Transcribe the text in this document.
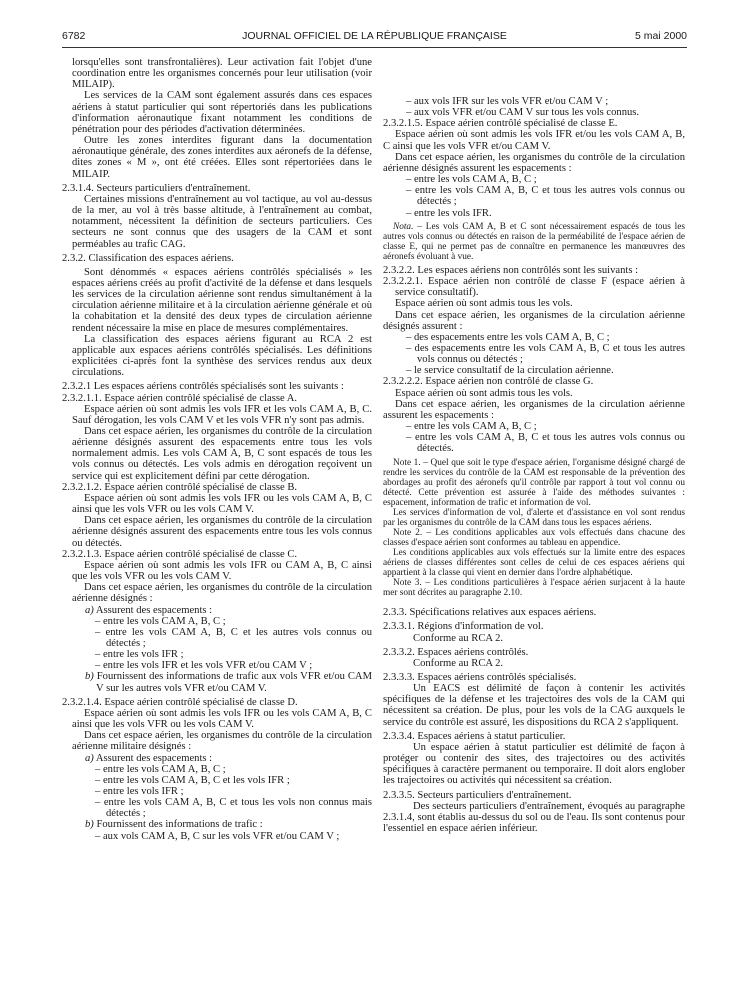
6782	JOURNAL OFFICIEL DE LA RÉPUBLIQUE FRANÇAISE	5 mai 2000
lorsqu'elles sont transfrontalières). Leur activation fait l'objet d'une coordination entre les organismes concernés pour leur utilisation (voir MILAIP).
Les services de la CAM sont également assurés dans ces espaces aériens à statut particulier qui sont répertoriés dans les publications d'information aéronautique fixant notamment les conditions de pénétration pour des périodes d'activation déterminées.
Outre les zones interdites figurant dans la documentation aéronautique générale, des zones interdites aux aéronefs de la défense, dites zones « M », ont été créées. Elles sont répertoriées dans le MILAIP.
2.3.1.4. Secteurs particuliers d'entraînement.
Certaines missions d'entraînement au vol tactique, au vol au-dessus de la mer, au vol à très basse altitude, à l'entraînement au combat, notamment, nécessitent la définition de secteurs particuliers. Ces secteurs ne sont connus que des usagers de la CAM et sont perméables au trafic CAG.
2.3.2. Classification des espaces aériens.
Sont dénommés « espaces aériens contrôlés spécialisés » les espaces aériens créés au profit d'activité de la défense et dans lesquels les services de la circulation aérienne sont rendus simultanément à la circulation aérienne militaire et à la circulation aérienne générale et où la cohabitation et la densité des deux types de circulation aérienne rendent nécessaire la mise en place de mesures complémentaires.
La classification des espaces aériens figurant au RCA 2 est applicable aux espaces aériens contrôlés spécialisés. Les définitions explicitées ci-après font la synthèse des services rendus aux deux circulations.
2.3.2.1 Les espaces aériens contrôlés spécialisés sont les suivants :
2.3.2.1.1. Espace aérien contrôlé spécialisé de classe A.
Espace aérien où sont admis les vols IFR et les vols CAM A, B, C. Sauf dérogation, les vols CAM V et les vols VFR n'y sont pas admis.
Dans cet espace aérien, les organismes du contrôle de la circulation aérienne désignés assurent des espacements entre tous les vols normalement admis. Les vols CAM A, B, C sont espacés de tous les vols connus ou détectés. Les vols admis en dérogation reçoivent un service qui est explicitement défini par cette dérogation.
2.3.2.1.2. Espace aérien contrôlé spécialisé de classe B.
Espace aérien où sont admis les vols IFR ou les vols CAM A, B, C ainsi que les vols VFR ou les vols CAM V.
Dans cet espace aérien, les organismes du contrôle de la circulation aérienne désignés assurent des espacements entre tous les vols connus ou détectés.
2.3.2.1.3. Espace aérien contrôlé spécialisé de classe C.
Espace aérien où sont admis les vols IFR ou CAM A, B, C ainsi que les vols VFR ou les vols CAM V.
Dans cet espace aérien, les organismes du contrôle de la circulation aérienne désignés :
a) Assurent des espacements :
– entre les vols CAM A, B, C ;
– entre les vols CAM A, B, C et les autres vols connus ou détectés ;
– entre les vols IFR ;
– entre les vols IFR et les vols VFR et/ou CAM V ;
b) Fournissent des informations de trafic aux vols VFR et/ou CAM V sur les autres vols VFR et/ou CAM V.
2.3.2.1.4. Espace aérien contrôlé spécialisé de classe D.
Espace aérien où sont admis les vols IFR ou les vols CAM A, B, C ainsi que les vols VFR ou les vols CAM V.
Dans cet espace aérien, les organismes du contrôle de la circulation aérienne militaire désignés :
a) Assurent des espacements :
– entre les vols CAM A, B, C ;
– entre les vols CAM A, B, C et les vols IFR ;
– entre les vols IFR ;
– entre les vols CAM A, B, C et tous les vols non connus mais détectés ;
b) Fournissent des informations de trafic :
– aux vols CAM A, B, C sur les vols VFR et/ou CAM V ;
– aux vols IFR sur les vols VFR et/ou CAM V ;
– aux vols VFR et/ou CAM V sur tous les vols connus.
2.3.2.1.5. Espace aérien contrôlé spécialisé de classe E.
Espace aérien où sont admis les vols IFR et/ou les vols CAM A, B, C ainsi que les vols VFR et/ou CAM V.
Dans cet espace aérien, les organismes du contrôle de la circulation aérienne désignés assurent les espacements :
– entre les vols CAM A, B, C ;
– entre les vols CAM A, B, C et tous les autres vols connus ou détectés ;
– entre les vols IFR.
Nota. – Les vols CAM A, B et C sont nécessairement espacés de tous les autres vols connus ou détectés en raison de la perméabilité de l'espace aérien de classe E, qui ne permet pas de connaître en permanence les manœuvres des aéronefs évoluant à vue.
2.3.2.2. Les espaces aériens non contrôlés sont les suivants :
2.3.2.2.1. Espace aérien non contrôlé de classe F (espace aérien à service consultatif).
Espace aérien où sont admis tous les vols.
Dans cet espace aérien, les organismes de la circulation aérienne désignés assurent :
– des espacements entre les vols CAM A, B, C ;
– des espacements entre les vols CAM A, B, C et tous les autres vols connus ou détectés ;
– le service consultatif de la circulation aérienne.
2.3.2.2.2. Espace aérien non contrôlé de classe G.
Espace aérien où sont admis tous les vols.
Dans cet espace aérien, les organismes de la circulation aérienne assurent les espacements :
– entre les vols CAM A, B, C ;
– entre les vols CAM A, B, C et tous les autres vols connus ou détectés.
Note 1. – Quel que soit le type d'espace aérien, l'organisme désigné chargé de rendre les services du contrôle de la CAM est responsable de la prévention des abordages au profit des aéronefs qu'il contrôle par rapport à tout vol connu ou détecté. Cette prévention est assurée à l'aide des méthodes suivantes : espacement, information de trafic et information de vol.
Les services d'information de vol, d'alerte et d'assistance en vol sont rendus par les organismes du contrôle de la CAM dans tous les espaces aériens.
Note 2. – Les conditions applicables aux vols effectués dans chacune des classes d'espace aérien sont conformes au tableau en appendice.
Les conditions applicables aux vols effectués sur la limite entre des espaces aériens de classes différentes sont celles de celui de ces espaces aériens qui appartient à la classe qui vient en dernier dans l'ordre alphabétique.
Note 3. – Les conditions particulières à l'espace aérien surjacent à la haute mer sont décrites au paragraphe 2.10.
2.3.3. Spécifications relatives aux espaces aériens.
2.3.3.1. Régions d'information de vol.
Conforme au RCA 2.
2.3.3.2. Espaces aériens contrôlés.
Conforme au RCA 2.
2.3.3.3. Espaces aériens contrôlés spécialisés.
Un EACS est délimité de façon à contenir les activités spécifiques de la défense et les trajectoires des vols de la CAM qui nécessitent sa création. De plus, pour les vols de la CAG auxquels le service du contrôle est assuré, les dispositions du RCA 2 s'appliquent.
2.3.3.4. Espaces aériens à statut particulier.
Un espace aérien à statut particulier est délimité de façon à protéger ou contenir des sites, des trajectoires ou des activités spécifiques à caractère permanent ou temporaire. Il doit alors englober les trajectoires ou activités qui nécessitent sa création.
2.3.3.5. Secteurs particuliers d'entraînement.
Des secteurs particuliers d'entraînement, évoqués au paragraphe 2.3.1.4, sont établis au-dessus du sol ou de l'eau. Ils sont contenus pour l'essentiel en espace aérien inférieur.
